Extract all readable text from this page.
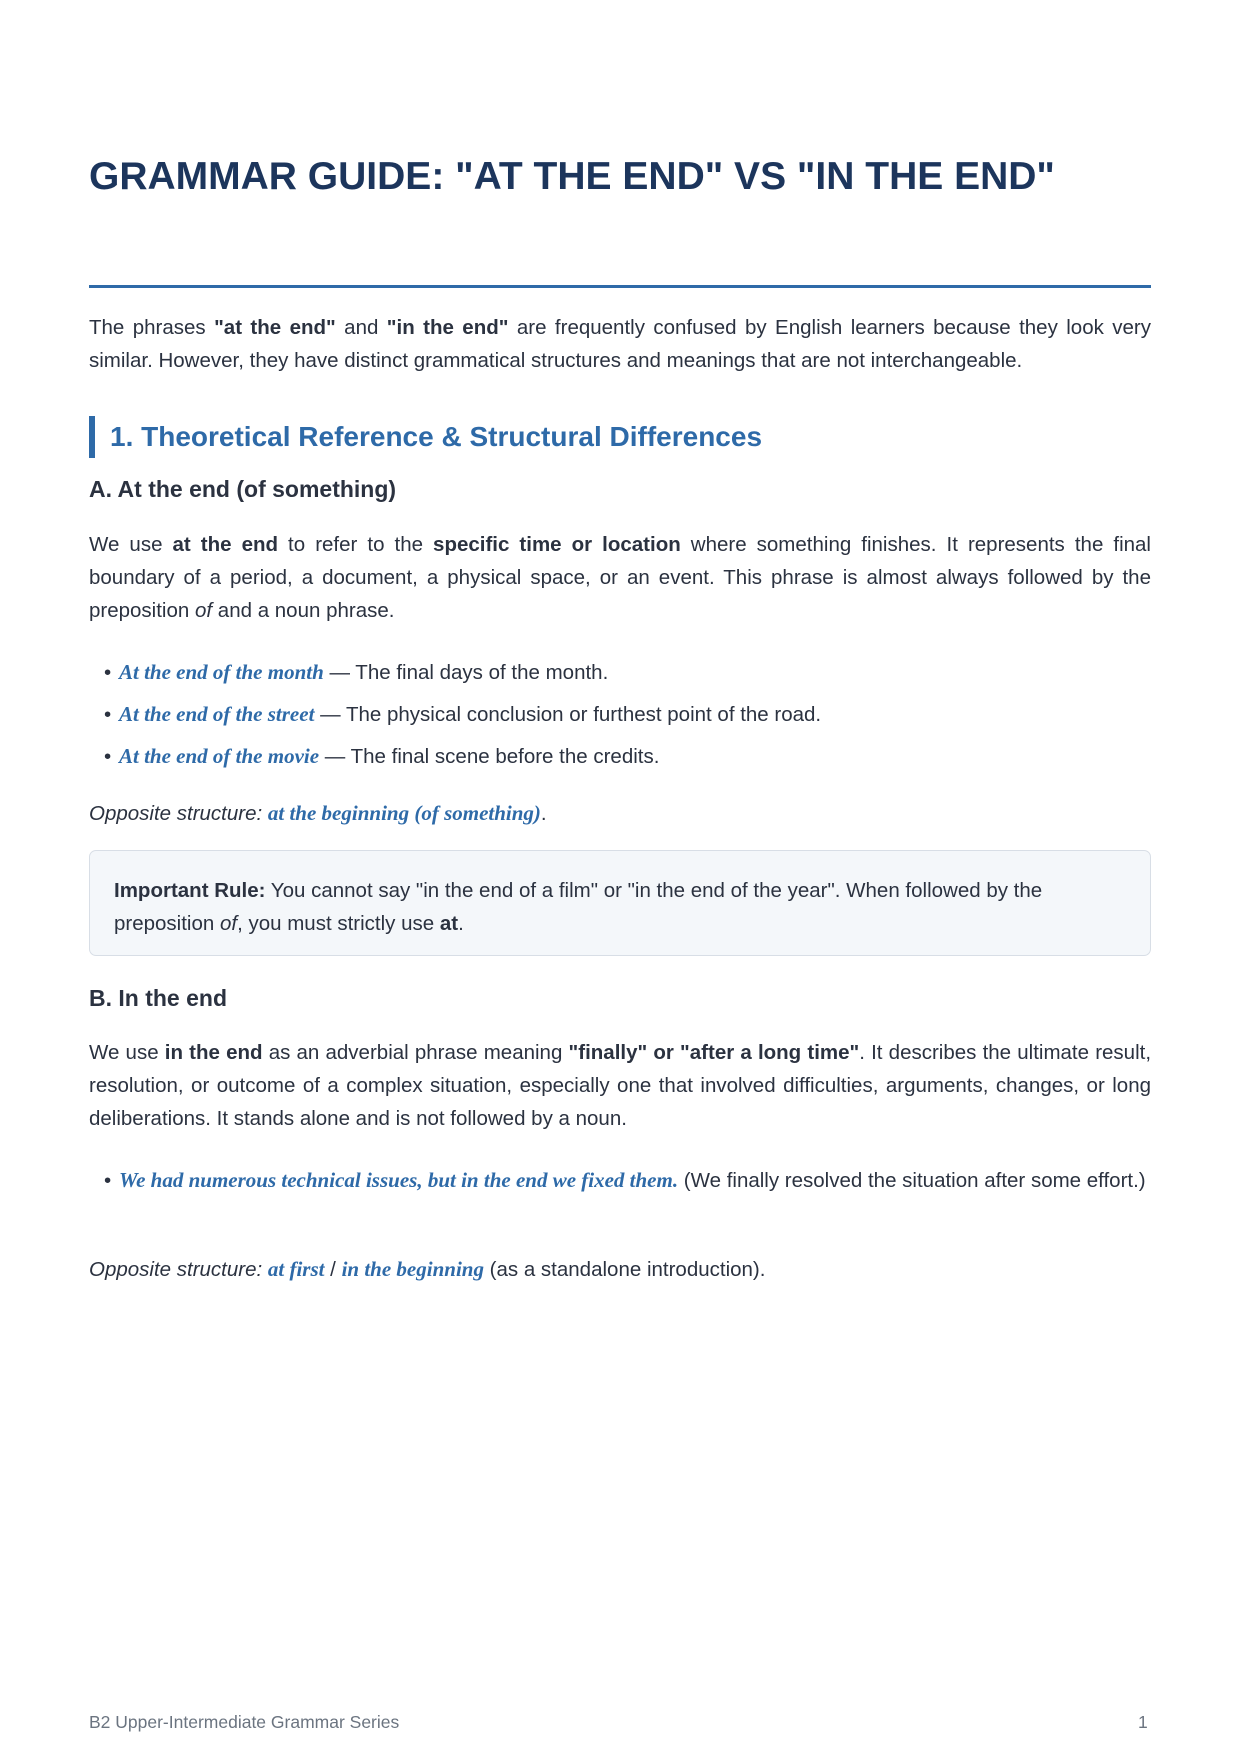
GRAMMAR GUIDE: "AT THE END" VS "IN THE END"

The phrases "at the end" and "in the end" are frequently confused by English learners because they look very similar. However, they have distinct grammatical structures and meanings that are not interchangeable.

1. Theoretical Reference & Structural Differences
A. At the end (of something)

We use at the end to refer to the specific time or location where something finishes. It represents the final boundary of a period, a document, a physical space, or an event. This phrase is almost always followed by the preposition of and a noun phrase.

• At the end of the month — The final days of the month.
• At the end of the street — The physical conclusion or furthest point of the road.
• At the end of the movie — The final scene before the credits.

Opposite structure: at the beginning (of something).

Important Rule: You cannot say "in the end of a film" or "in the end of the year". When followed by the preposition of, you must strictly use at.

B. In the end

We use in the end as an adverbial phrase meaning "finally" or "after a long time". It describes the ultimate result, resolution, or outcome of a complex situation, especially one that involved difficulties, arguments, changes, or long deliberations. It stands alone and is not followed by a noun.

• We had numerous technical issues, but in the end we fixed them. (We finally resolved the situation after some effort.)

Opposite structure: at first / in the beginning (as a standalone introduction).

B2 Upper-Intermediate Grammar Series	1
